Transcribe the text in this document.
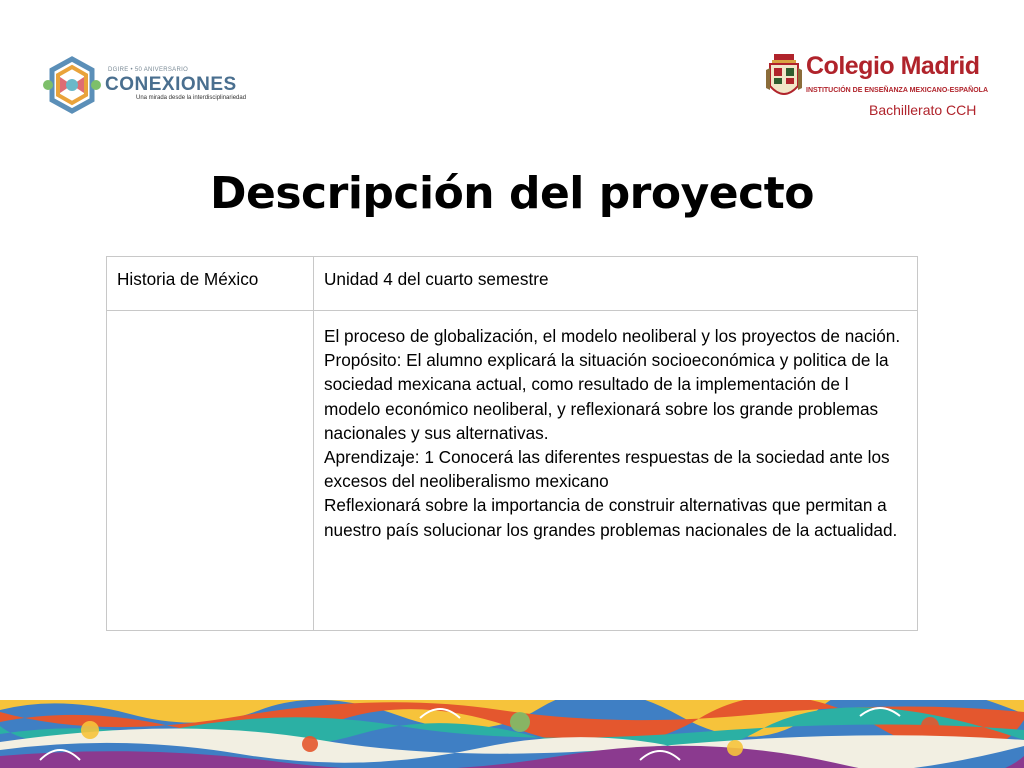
DGIRE • 50 ANIVERSARIO
CONEXIONES
Una mirada desde la interdisciplinariedad
Colegio Madrid
INSTITUCIÓN DE ENSEÑANZA MEXICANO-ESPAÑOLA
Bachillerato CCH
Descripción del proyecto
Historia de México	Unidad 4 del cuarto semestre

	El proceso de globalización, el modelo neoliberal y los proyectos de nación. Propósito: El alumno explicará la situación socioeconómica y politica de la sociedad mexicana actual, como resultado de la implementación de l modelo económico neoliberal, y reflexionará sobre los grande problemas nacionales y sus alternativas.
Aprendizaje: 1 Conocerá las diferentes respuestas de la sociedad ante los excesos del neoliberalismo mexicano
Reflexionará sobre la importancia de construir alternativas que permitan a nuestro país solucionar los grandes problemas nacionales de la actualidad.
